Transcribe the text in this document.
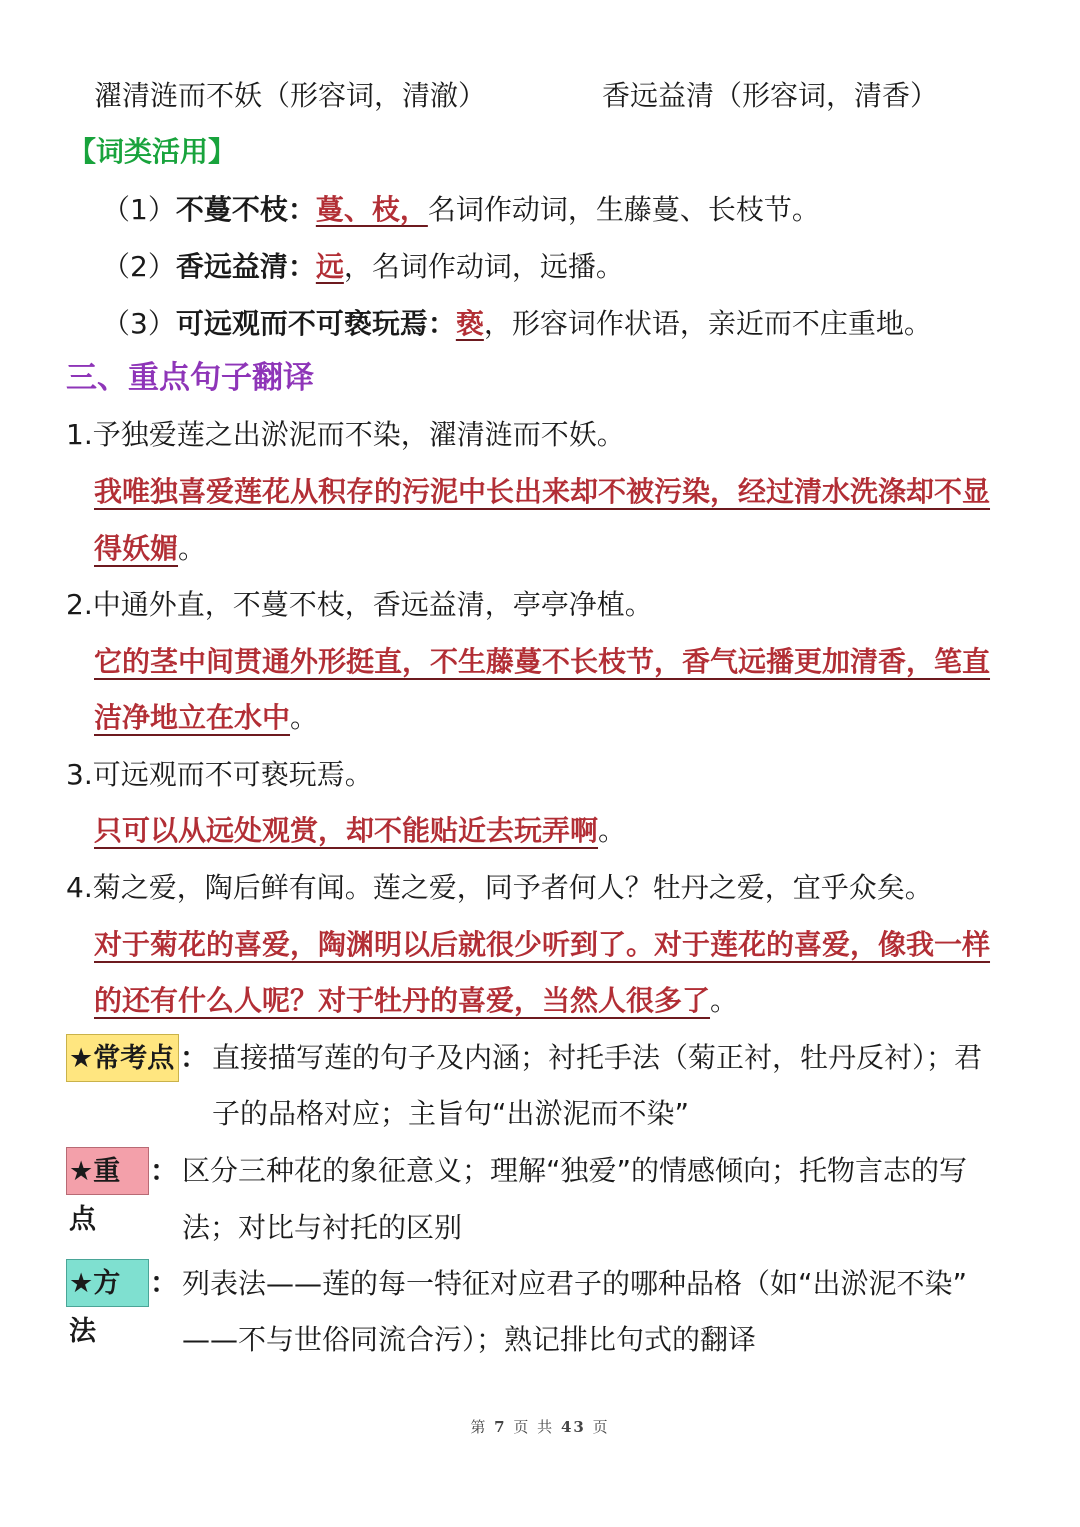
濯清涟而不妖（形容词，清澈）	香远益清（形容词，清香）
【词类活用】
（1）不蔓不枝：蔓、枝，名词作动词，生藤蔓、长枝节。
（2）香远益清：远，名词作动词，远播。
（3）可远观而不可亵玩焉：亵，形容词作状语，亲近而不庄重地。
三、重点句子翻译
1.予独爱莲之出淤泥而不染，濯清涟而不妖。
我唯独喜爱莲花从积存的污泥中长出来却不被污染，经过清水洗涤却不显
得妖媚。
2.中通外直，不蔓不枝，香远益清，亭亭净植。
它的茎中间贯通外形挺直，不生藤蔓不长枝节，香气远播更加清香，笔直
洁净地立在水中。
3.可远观而不可亵玩焉。
只可以从远处观赏，却不能贴近去玩弄啊。
4.菊之爱，陶后鲜有闻。莲之爱，同予者何人？牡丹之爱，宜乎众矣。
对于菊花的喜爱，陶渊明以后就很少听到了。对于莲花的喜爱，像我一样
的还有什么人呢？对于牡丹的喜爱，当然人很多了。
★常考点 ： 直接描写莲的句子及内涵；衬托手法（菊正衬，牡丹反衬）；君
子的品格对应；主旨句“出淤泥而不染”
★重点
： 区分三种花的象征意义；理解“独爱”的情感倾向；托物言志的写
法；对比与衬托的区别
★方法
： 列表法——莲的每一特征对应君子的哪种品格（如“出淤泥不染”
——不与世俗同流合污）；熟记排比句式的翻译
第 7 页 共 43 页
